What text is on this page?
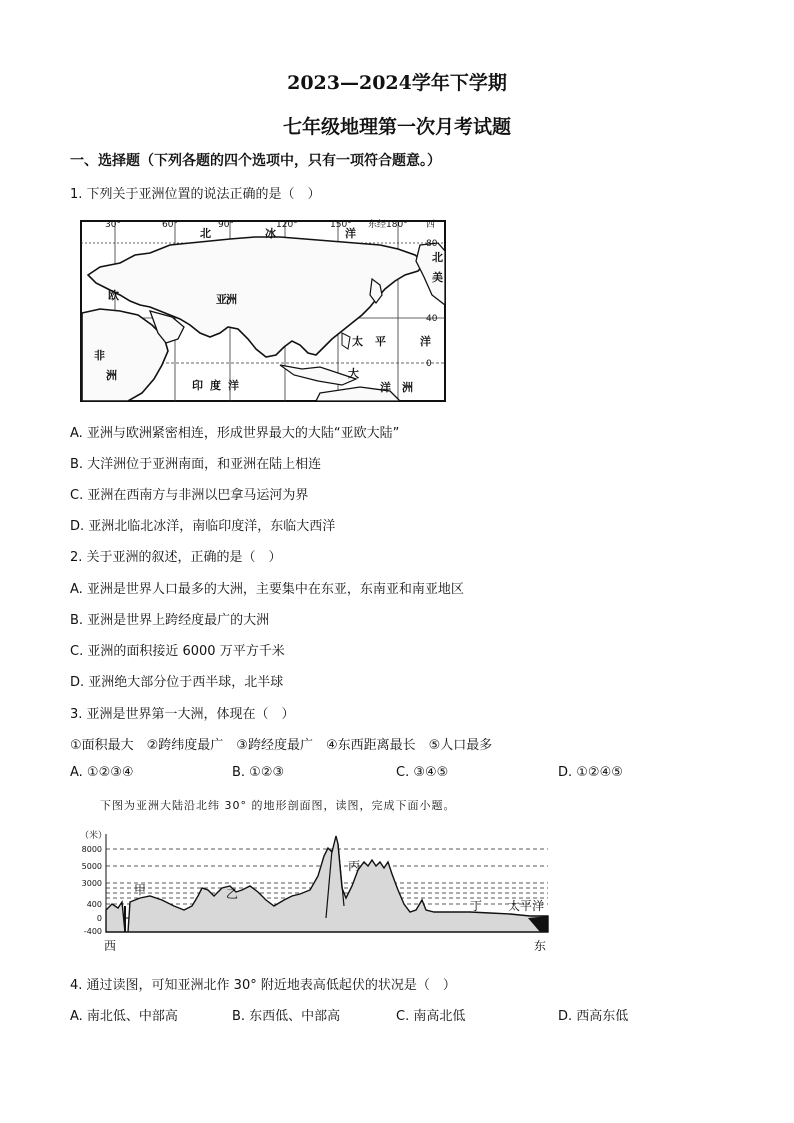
2023—2024学年下学期
七年级地理第一次月考试题
一、选择题（下列各题的四个选项中，只有一项符合题意。）
1. 下列关于亚洲位置的说法正确的是（　）
30°	60°	90°	120°	150° 东经180° 西
80
40
0
北	冰	洋
欧	亚 洲
非
洲
印 度 洋
太 平	洋
北
美
大
洋 洲
A. 亚洲与欧洲紧密相连，形成世界最大的大陆“亚欧大陆”
B. 大洋洲位于亚洲南面，和亚洲在陆上相连
C. 亚洲在西南方与非洲以巴拿马运河为界
D. 亚洲北临北冰洋，南临印度洋，东临大西洋
2. 关于亚洲的叙述，正确的是（　）
A. 亚洲是世界人口最多的大洲，主要集中在东亚，东南亚和南亚地区
B. 亚洲是世界上跨经度最广的大洲
C. 亚洲的面积接近 6000 万平方千米
D. 亚洲绝大部分位于西半球，北半球
3. 亚洲是世界第一大洲，体现在（　）
①面积最大　②跨纬度最广　③跨经度最广　④东西距离最长　⑤人口最多
A. ①②③④	B. ①②③	C. ③④⑤	D. ①②④⑤
下图为亚洲大陆沿北纬 30° 的地形剖面图，读图，完成下面小题。
（米）
8000
5000
3000
400
0
-400
甲	乙
丙
丁 太平洋
西	东
4. 通过读图，可知亚洲北作 30° 附近地表高低起伏的状况是（　）
A. 南北低、中部高	B. 东西低、中部高	C. 南高北低	D. 西高东低
